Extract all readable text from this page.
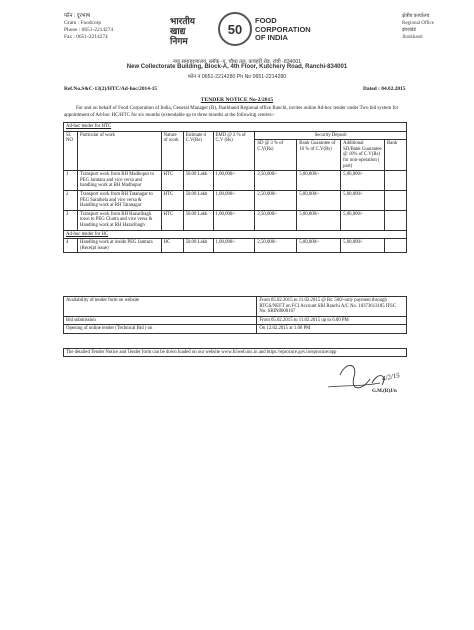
फोन : दूरभाष
Gram : Foodcorp
Phone : 0651-2214274
Fax : 0651-2214274
भारतीय
खाद्य
निगम
50
FOOD
CORPORATION
OF INDIA
क्षेत्रीय कार्यालय
Regional Office
झारखंड
Jharkhand
नया समाहरणालय, ब्लॉक -ए, चौथा तल, कचहरी रोड, रांची -834001
New Collectorate Building, Block-A, 4th Floor, Kutchery Road, Ranchi-834001
फोन नं 0651-2214280 Ph No 0651-2214280
Ref.No.S&C-13(2)/HTC/Ad-hoc/2014-15	Dated : 04.02.2015
TENDER NOTICE No-2/2015
For and on behalf of Food Corporation of India, General Manager (R), Jharkhand Regional office Ranchi, invites online Ad-hoc tender under Two bid system for appointment of Ad-hoc HC/HTC for six months (extendable up to three months at the following centres:-
Ad-hoc tender for HTC								
Sl. NO	Particular of work	Nature of work	Estimate d C.V(Rs)	EMD @ 2 % of C.V (Rs)	Security Deposit			
					SD @ 3 % of C.V(Rs)	Bank Guarantee of 10 % of C.V(Rs)	Additional SD/Bank Guarantee @ 10% of C.V(Rs) for non-operation ( part)	Bank
1	Transport work from RH Madhupur to PEG Jamtara and vice versa and handling work at RH Madhupur	HTC	50.00 Lakh	1,00,000/-	2,50,000/-	5,00,000/-	5,00,000/-	
2	Transport work from RH Tatanagar to PEG Saraikela and vice versa & Handling work at RH Tatanagar	HTC	50.00 Lakh	1,00,000/-	2,50,000/-	5,00,000/-	5,00,000/-	
3	Transport work from RH Hazaribagh town to PEG Chatra and vice versa & Handling work at RH Hazaribagh	HTC	50.00 Lakh	1,00,000/-	2,50,000/-	5,00,000/-	5,00,000/-	
Ad-hoc tender for HC								
4	Handling work at inside PEG Jamtara (Receipt issue)	HC	50.00 Lakh	1,00,000/-	2,50,000/-	5,00,000/-	5,00,000/-	
Availability of tender form on website	From 05.02.2015 to 11.02.2015 @ Rs. 500/-only payment through RTGS/NEFT on FCI Account SBI Ranchi A/C No. 10373613185 IFSC No. SBIN0000167
Bid submission	From 05.02.2015 to 11.02.2015 up to 6.00 PM
Opening of online tender (Technical Bid ) on	On 12.02.2015 at 1.00 PM
The detailed Tender Notice and Tender form can be down loaded on our website www.fciweb.nic.in and https://eprocure.gov.in/eprocure/app
4/2/15
G.M.(R)J/n
